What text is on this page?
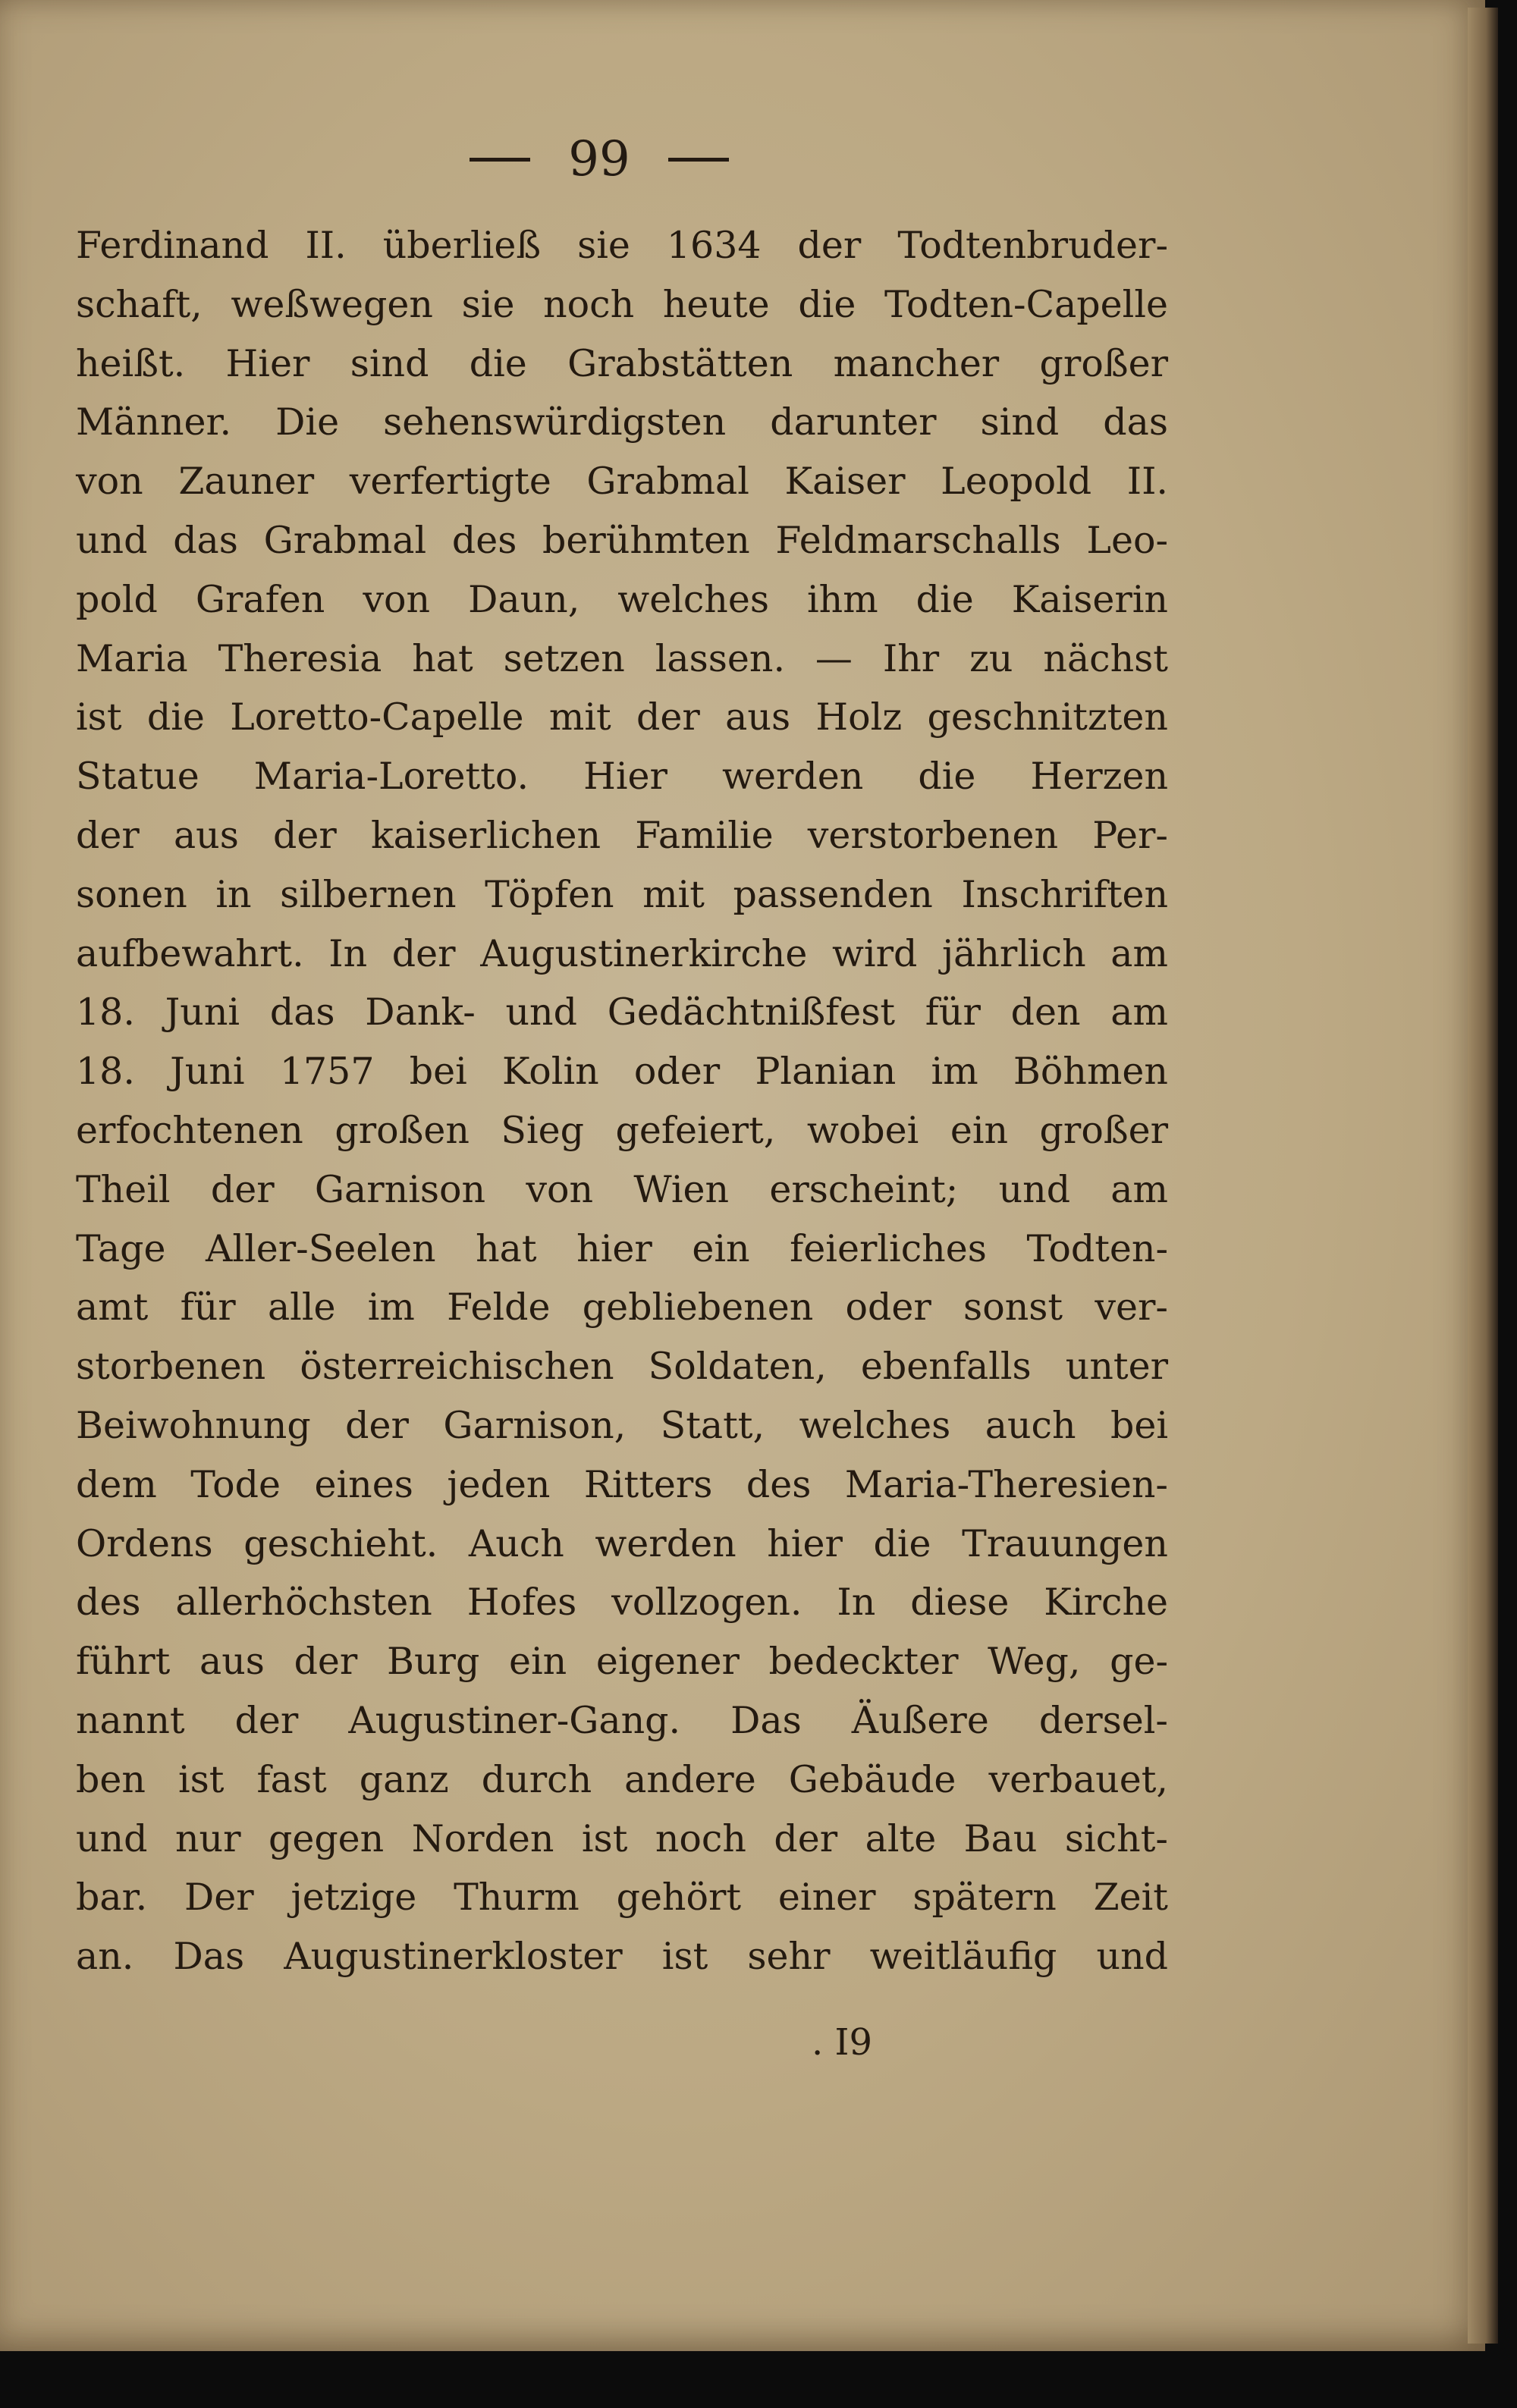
99
Ferdinand II. überließ sie 1634 der Todtenbruder-
schaft, weßwegen sie noch heute die Todten-Capelle
heißt. Hier sind die Grabstätten mancher großer
Männer. Die sehenswürdigsten darunter sind das
von Zauner verfertigte Grabmal Kaiser Leopold II.
und das Grabmal des berühmten Feldmarschalls Leo-
pold Grafen von Daun, welches ihm die Kaiserin
Maria Theresia hat setzen lassen. — Ihr zu nächst
ist die Loretto-Capelle mit der aus Holz geschnitzten
Statue Maria-Loretto. Hier werden die Herzen
der aus der kaiserlichen Familie verstorbenen Per-
sonen in silbernen Töpfen mit passenden Inschriften
aufbewahrt. In der Augustinerkirche wird jährlich am
18. Juni das Dank- und Gedächtnißfest für den am
18. Juni 1757 bei Kolin oder Planian im Böhmen
erfochtenen großen Sieg gefeiert, wobei ein großer
Theil der Garnison von Wien erscheint; und am
Tage Aller-Seelen hat hier ein feierliches Todten-
amt für alle im Felde gebliebenen oder sonst ver-
storbenen österreichischen Soldaten, ebenfalls unter
Beiwohnung der Garnison, Statt, welches auch bei
dem Tode eines jeden Ritters des Maria-Theresien-
Ordens geschieht. Auch werden hier die Trauungen
des allerhöchsten Hofes vollzogen. In diese Kirche
führt aus der Burg ein eigener bedeckter Weg, ge-
nannt der Augustiner-Gang. Das Äußere dersel-
ben ist fast ganz durch andere Gebäude verbauet,
und nur gegen Norden ist noch der alte Bau sicht-
bar. Der jetzige Thurm gehört einer spätern Zeit
an. Das Augustinerkloster ist sehr weitläufig und
. I9
